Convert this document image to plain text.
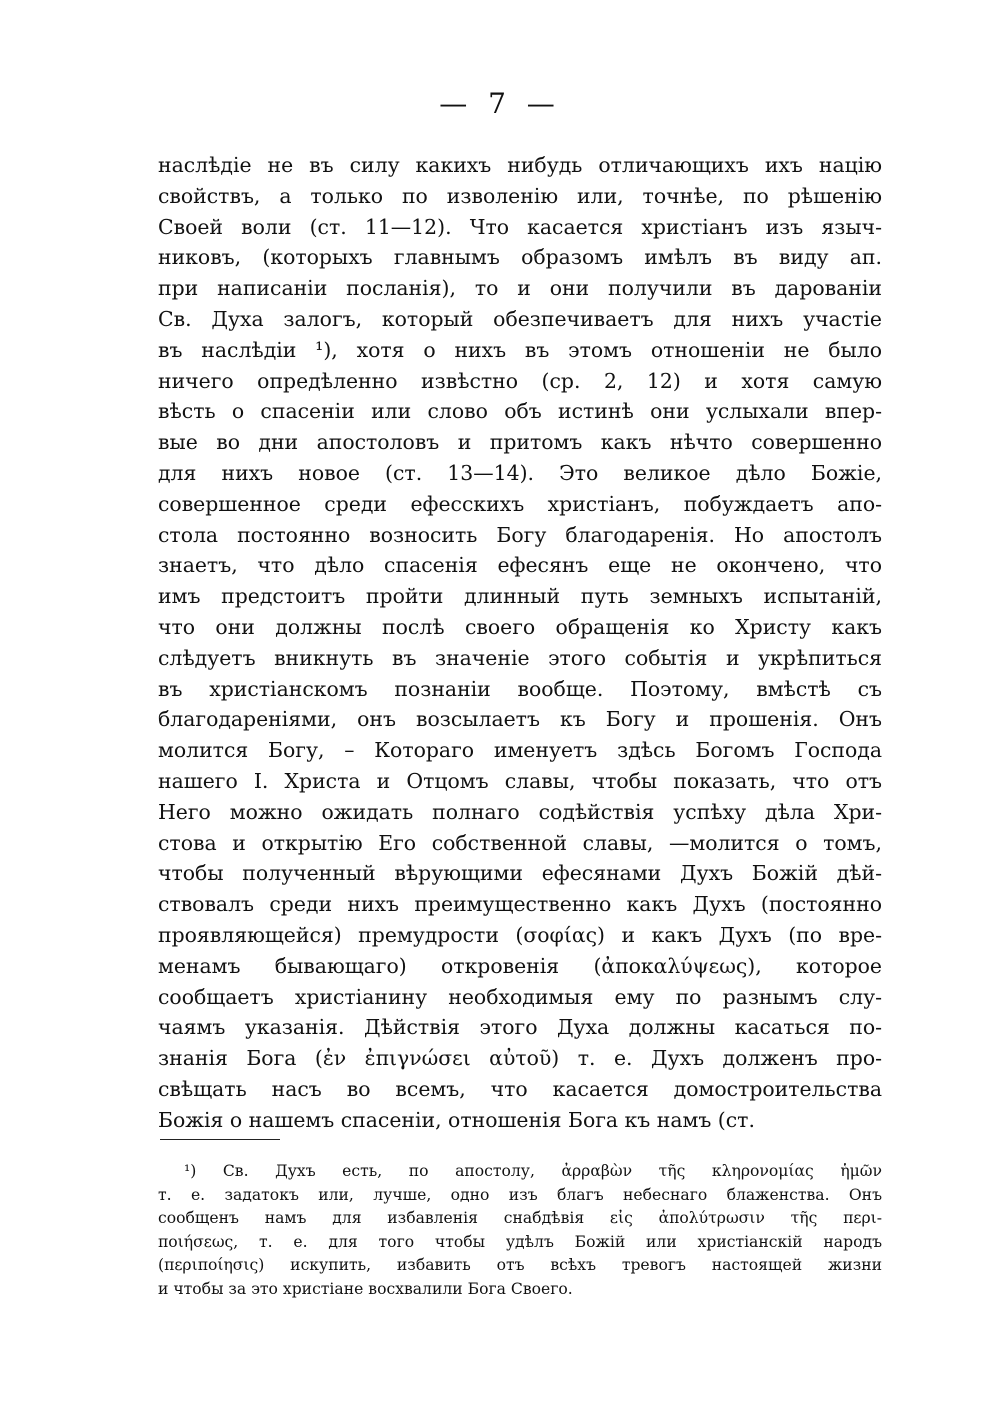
— 7 —
наслѣдіе не въ силу какихъ нибудь отличающихъ ихъ націю
свойствъ, а только по изволенію или, точнѣе, по рѣшенію
Своей воли (ст. 11—12). Что касается христіанъ изъ языч-
никовъ, (которыхъ главнымъ образомъ имѣлъ въ виду ап.
при написаніи посланія), то и они получили въ дарованіи
Св. Духа залогъ, который обезпечиваетъ для нихъ участіе
въ наслѣдіи ¹), хотя о нихъ въ этомъ отношеніи не было
ничего опредѣленно извѣстно (ср. 2, 12) и хотя самую
вѣсть о спасеніи или слово объ истинѣ они услыхали впер-
вые во дни апостоловъ и притомъ какъ нѣчто совершенно
для нихъ новое (ст. 13—14). Это великое дѣло Божіе,
совершенное среди ефесскихъ христіанъ, побуждаетъ апо-
стола постоянно возносить Богу благодаренія. Но апостолъ
знаетъ, что дѣло спасенія ефесянъ еще не окончено, что
имъ предстоитъ пройти длинный путь земныхъ испытаній,
что они должны послѣ своего обращенія ко Христу какъ
слѣдуетъ вникнуть въ значеніе этого событія и укрѣпиться
въ христіанскомъ познаніи вообще. Поэтому, вмѣстѣ съ
благодареніями, онъ возсылаетъ къ Богу и прошенія. Онъ
молится Богу, – Котораго именуетъ здѣсь Богомъ Господа
нашего І. Христа и Отцомъ славы, чтобы показать, что отъ
Него можно ожидать полнаго содѣйствія успѣху дѣла Хри-
стова и открытію Его собственной славы, —молится о томъ,
чтобы полученный вѣрующими ефесянами Духъ Божій дѣй-
ствовалъ среди нихъ преимущественно какъ Духъ (постоянно
проявляющейся) премудрости (σοφίας) и какъ Духъ (по вре-
менамъ бывающаго) откровенія (ἀποκαλύψεως), которое
сообщаетъ христіанину необходимыя ему по разнымъ слу-
чаямъ указанія. Дѣйствія этого Духа должны касаться по-
знанія Бога (ἐν ἐπιγνώσει αὐτοῦ) т. е. Духъ долженъ про-
свѣщать насъ во всемъ, что касается домостроительства
Божія о нашемъ спасеніи, отношенія Бога къ намъ (ст.
¹) Св. Духъ есть, по апостолу, ἀρραβὼν τῆς κληρονομίας ἡμῶν
т. е. задатокъ или, лучше, одно изъ благъ небеснаго блаженства. Онъ
сообщенъ намъ для избавленія снабдѣвія εἰς ἀπολύτρωσιν τῆς περι-
ποιήσεως, т. е. для того чтобы удѣлъ Божій или христіанскій народъ
(περιποίησις) искупить, избавить отъ всѣхъ тревогъ настоящей жизни
и чтобы за это христіане восхвалили Бога Своего.
